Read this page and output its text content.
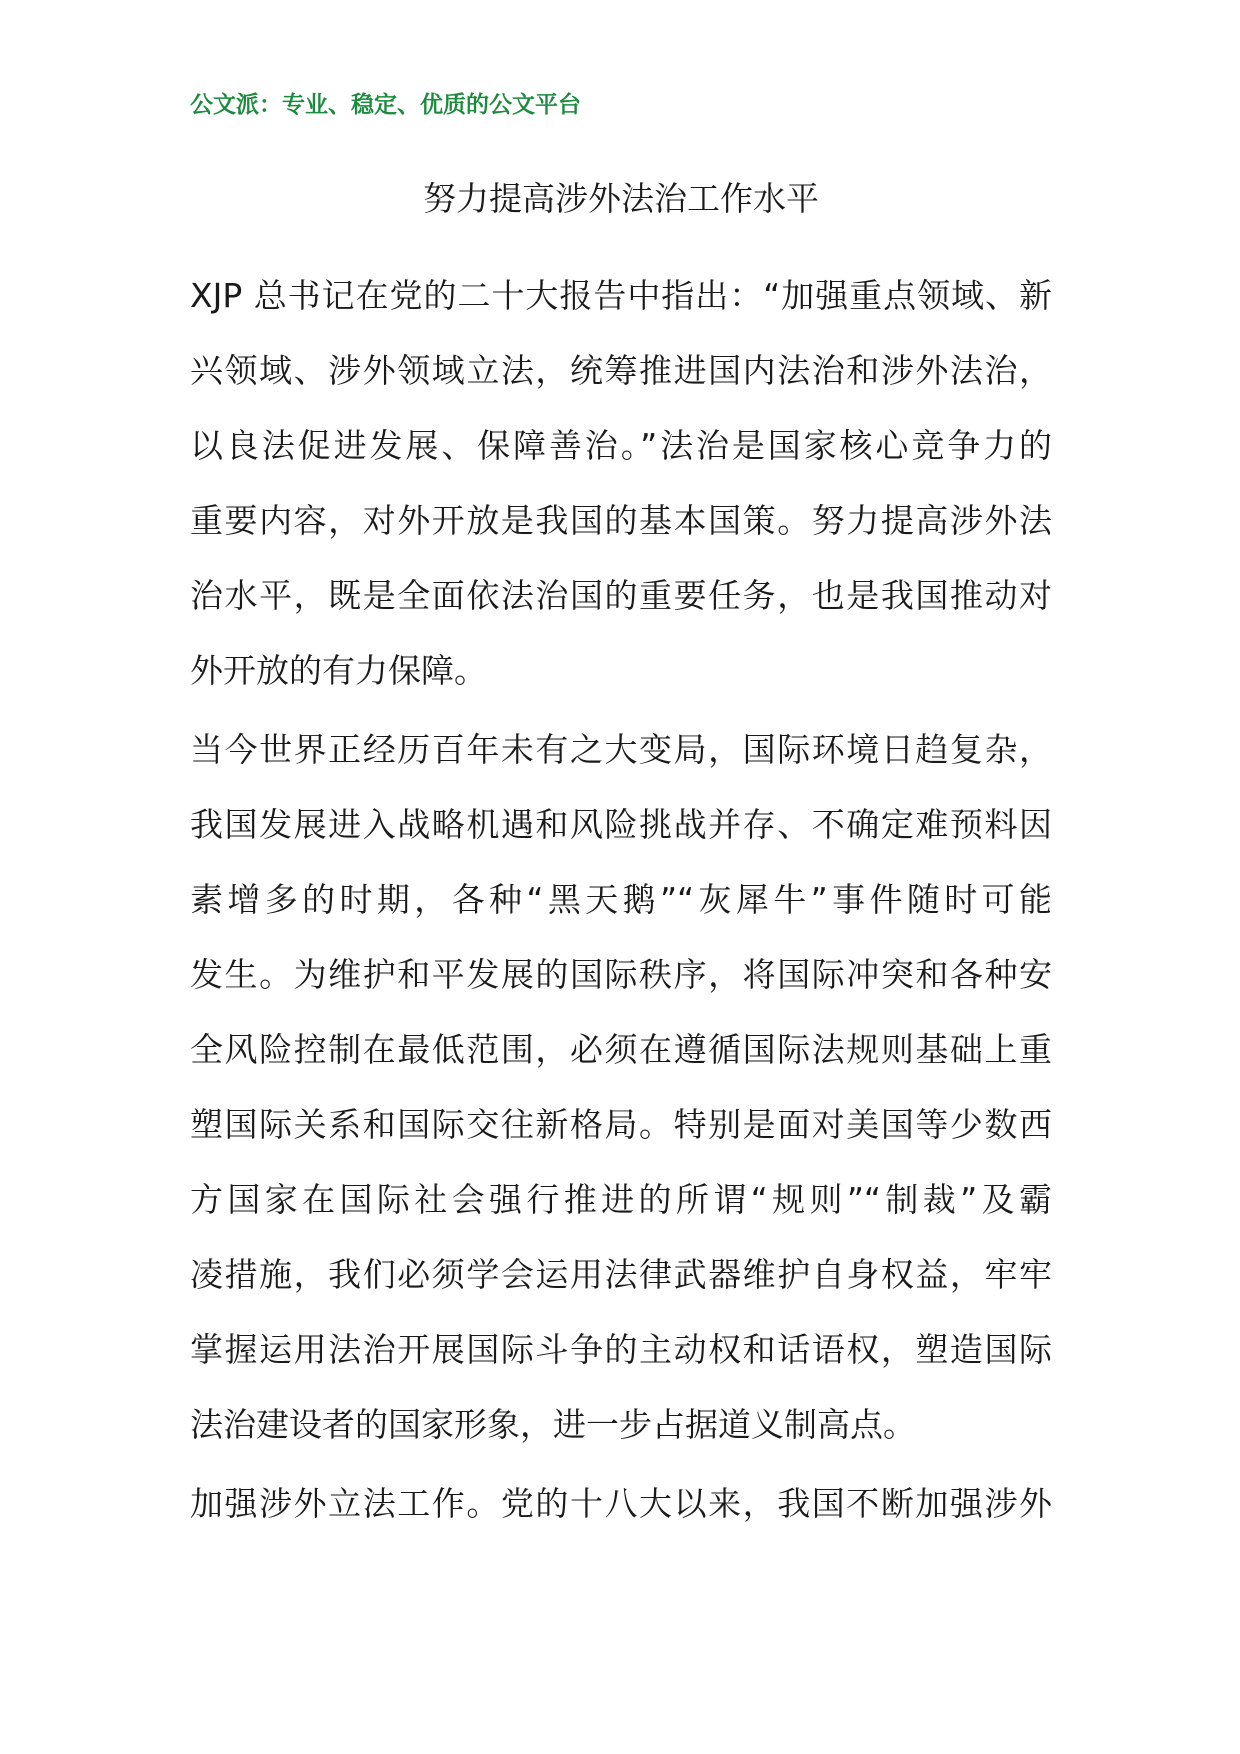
公文派：专业、稳定、优质的公文平台
努力提高涉外法治工作水平
XJP 总书记在党的二十大报告中指出：“加强重点领域、新
兴领域、涉外领域立法，统筹推进国内法治和涉外法治，
以良法促进发展、保障善治。”法治是国家核心竞争力的
重要内容，对外开放是我国的基本国策。努力提高涉外法
治水平，既是全面依法治国的重要任务，也是我国推动对
外开放的有力保障。
当今世界正经历百年未有之大变局，国际环境日趋复杂，
我国发展进入战略机遇和风险挑战并存、不确定难预料因
素增多的时期，各种“黑天鹅”“灰犀牛”事件随时可能
发生。为维护和平发展的国际秩序，将国际冲突和各种安
全风险控制在最低范围，必须在遵循国际法规则基础上重
塑国际关系和国际交往新格局。特别是面对美国等少数西
方国家在国际社会强行推进的所谓“规则”“制裁”及霸
凌措施，我们必须学会运用法律武器维护自身权益，牢牢
掌握运用法治开展国际斗争的主动权和话语权，塑造国际
法治建设者的国家形象，进一步占据道义制高点。
加强涉外立法工作。党的十八大以来，我国不断加强涉外
